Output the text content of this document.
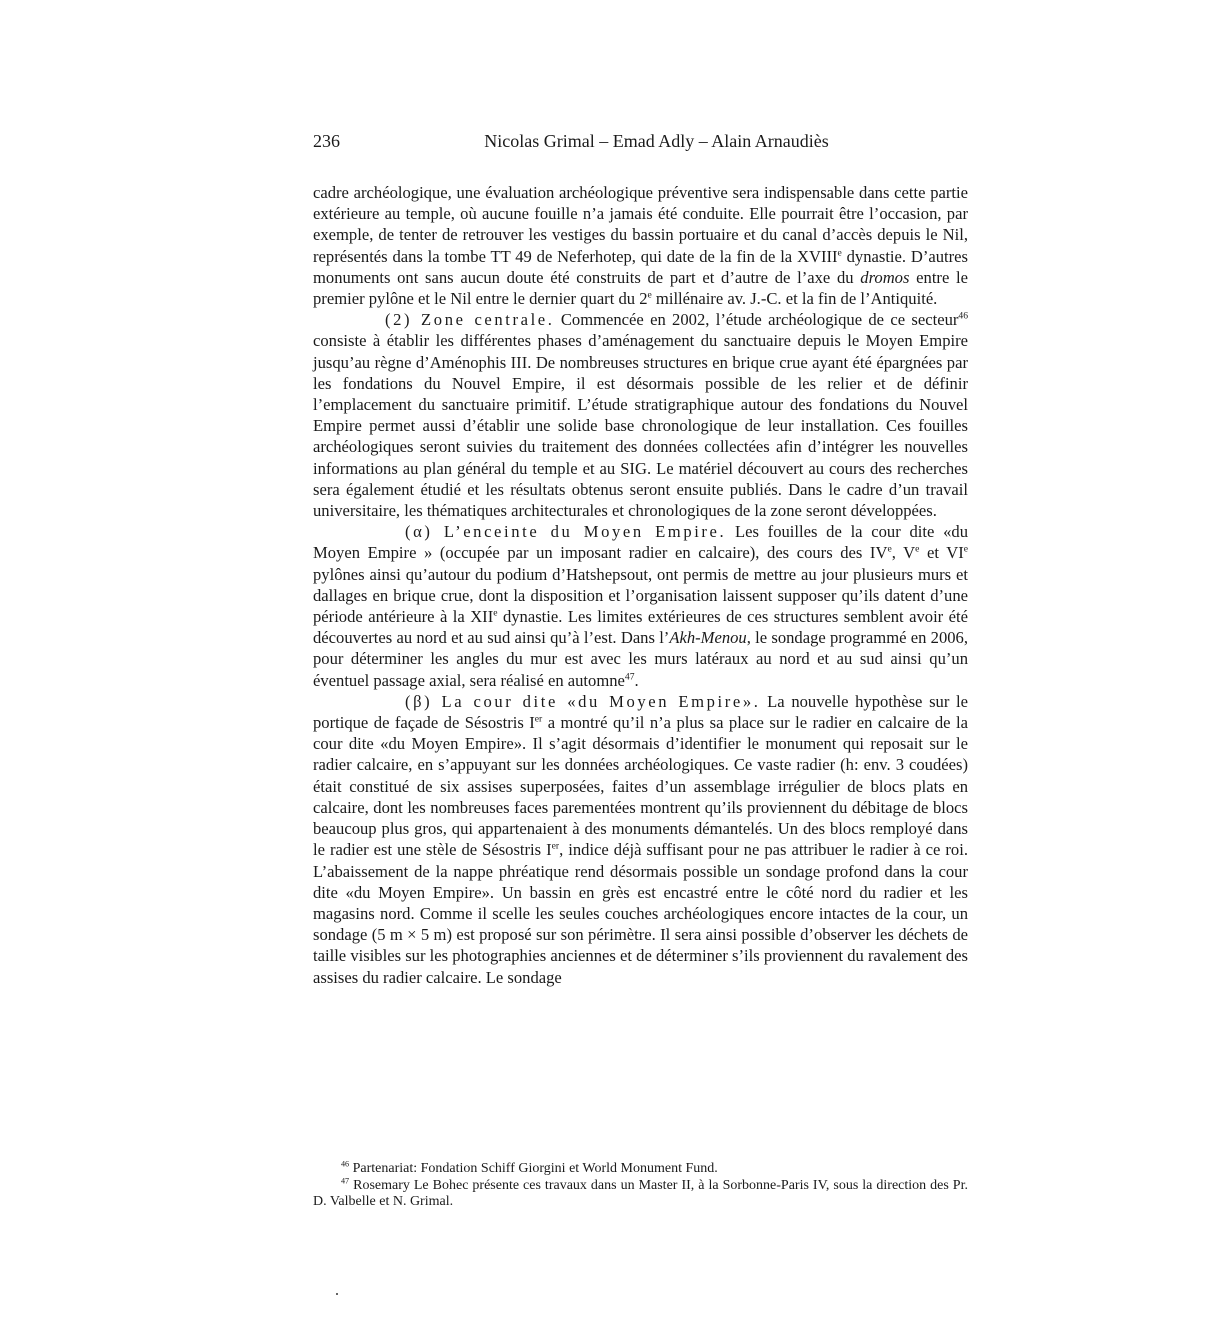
236	Nicolas Grimal – Emad Adly – Alain Arnaudiès

cadre archéologique, une évaluation archéologique préventive sera indispensable dans cette partie extérieure au temple, où aucune fouille n’a jamais été conduite. Elle pourrait être l’occasion, par exemple, de tenter de retrouver les vestiges du bassin portuaire et du canal d’accès depuis le Nil, représentés dans la tombe TT 49 de Neferhotep, qui date de la fin de la XVIIIe dynastie. D’autres monuments ont sans aucun doute été construits de part et d’autre de l’axe du dromos entre le premier pylône et le Nil entre le dernier quart du 2e millénaire av. J.-C. et la fin de l’Antiquité.

(2) Zone centrale. Commencée en 2002, l’étude archéologique de ce secteur$^{46}$ consiste à établir les différentes phases d’aménagement du sanctuaire depuis le Moyen Empire jusqu’au règne d’Aménophis III. De nombreuses structures en brique crue ayant été épargnées par les fondations du Nouvel Empire, il est désormais possible de les relier et de définir l’emplacement du sanctuaire primitif. L’étude stratigraphique autour des fondations du Nouvel Empire permet aussi d’établir une solide base chronologique de leur installation. Ces fouilles archéologiques seront suivies du traitement des données collectées afin d’intégrer les nouvelles informations au plan général du temple et au SIG. Le matériel découvert au cours des recherches sera également étudié et les résultats obtenus seront ensuite publiés. Dans le cadre d’un travail universitaire, les thématiques architecturales et chronologiques de la zone seront développées.

(α) L’enceinte du Moyen Empire. Les fouilles de la cour dite «du Moyen Empire » (occupée par un imposant radier en calcaire), des cours des IVe, Ve et VIe pylônes ainsi qu’autour du podium d’Hatshepsout, ont permis de mettre au jour plusieurs murs et dallages en brique crue, dont la disposition et l’organisation laissent supposer qu’ils datent d’une période antérieure à la XIIe dynastie. Les limites extérieures de ces structures semblent avoir été découvertes au nord et au sud ainsi qu’à l’est. Dans l’Akh-Menou, le sondage programmé en 2006, pour déterminer les angles du mur est avec les murs latéraux au nord et au sud ainsi qu’un éventuel passage axial, sera réalisé en automne$^{47}$.

(β) La cour dite «du Moyen Empire». La nouvelle hypothèse sur le portique de façade de Sésostris Ier a montré qu’il n’a plus sa place sur le radier en calcaire de la cour dite «du Moyen Empire». Il s’agit désormais d’identifier le monument qui reposait sur le radier calcaire, en s’appuyant sur les données archéologiques. Ce vaste radier (h: env. 3 coudées) était constitué de six assises superposées, faites d’un assemblage irrégulier de blocs plats en calcaire, dont les nombreuses faces parementées montrent qu’ils proviennent du débitage de blocs beaucoup plus gros, qui appartenaient à des monuments démantelés. Un des blocs remployé dans le radier est une stèle de Sésostris Ier, indice déjà suffisant pour ne pas attribuer le radier à ce roi. L’abaissement de la nappe phréatique rend désormais possible un sondage profond dans la cour dite «du Moyen Empire». Un bassin en grès est encastré entre le côté nord du radier et les magasins nord. Comme il scelle les seules couches archéologiques encore intactes de la cour, un sondage (5 m × 5 m) est proposé sur son périmètre. Il sera ainsi possible d’observer les déchets de taille visibles sur les photographies anciennes et de déterminer s’ils proviennent du ravalement des assises du radier calcaire. Le sondage

$^{46}$ Partenariat: Fondation Schiff Giorgini et World Monument Fund.

$^{47}$ Rosemary Le Bohec présente ces travaux dans un Master II, à la Sorbonne-Paris IV, sous la direction des Pr. D. Valbelle et N. Grimal.
